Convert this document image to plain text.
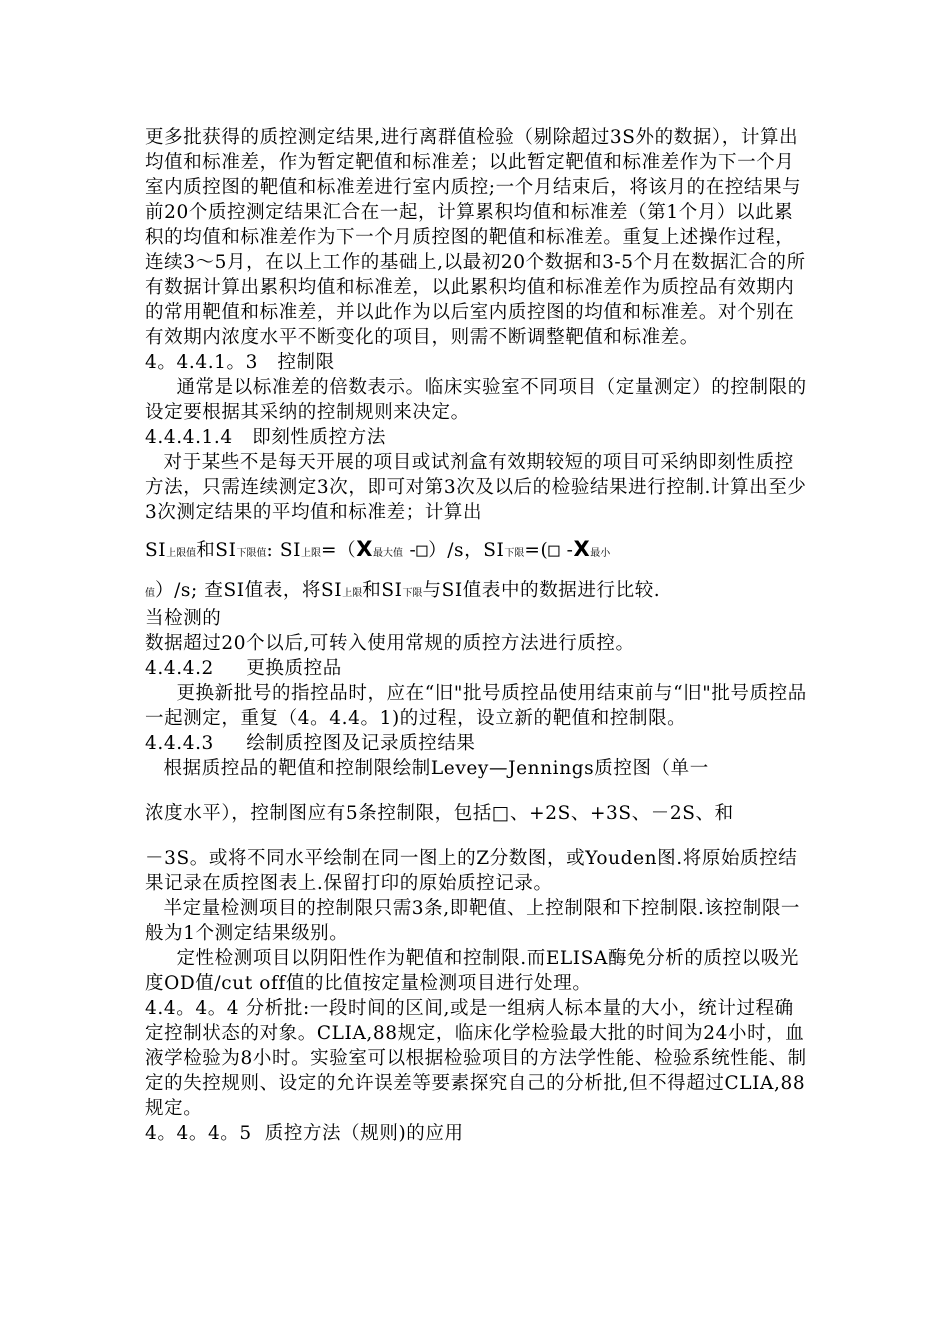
更多批获得的质控测定结果,进行离群值检验（剔除超过3S外的数据），计算出均值和标准差，作为暂定靶值和标准差；以此暂定靶值和标准差作为下一个月室内质控图的靶值和标准差进行室内质控;一个月结束后，将该月的在控结果与前20个质控测定结果汇合在一起，计算累积均值和标准差（第1个月）以此累积的均值和标准差作为下一个月质控图的靶值和标准差。重复上述操作过程，连续3～5月，在以上工作的基础上,以最初20个数据和3-5个月在数据汇合的所有数据计算出累积均值和标准差，以此累积均值和标准差作为质控品有效期内的常用靶值和标准差，并以此作为以后室内质控图的均值和标准差。对个别在有效期内浓度水平不断变化的项目，则需不断调整靶值和标准差。

4。4.4.1。3   控制限

通常是以标准差的倍数表示。临床实验室不同项目（定量测定）的控制限的设定要根据其采纳的控制规则来决定。

4.4.4.1.4   即刻性质控方法

对于某些不是每天开展的项目或试剂盒有效期较短的项目可采纳即刻性质控方法，只需连续测定3次，即可对第3次及以后的检验结果进行控制.计算出至少3次测定结果的平均值和标准差；计算出

SI上限值和SI下限值: SI上限=（X最大值 -□）/s，SI下限=(□ -X最小
值）/s; 查SI值表，将SI上限和SI下限与SI值表中的数据进行比较.

当检测的

数据超过20个以后,可转入使用常规的质控方法进行质控。

4.4.4.2     更换质控品

更换新批号的指控品时，应在“旧"批号质控品使用结束前与“旧"批号质控品一起测定，重复（4。4.4。1)的过程，设立新的靶值和控制限。

4.4.4.3     绘制质控图及记录质控结果

根据质控品的靶值和控制限绘制Levey—Jennings质控图（单一

浓度水平），控制图应有5条控制限，包括□、+2S、+3S、－2S、和

－3S。或将不同水平绘制在同一图上的Z分数图，或Youden图.将原始质控结果记录在质控图表上.保留打印的原始质控记录。

半定量检测项目的控制限只需3条,即靶值、上控制限和下控制限.该控制限一般为1个测定结果级别。

定性检测项目以阴阳性作为靶值和控制限.而ELISA酶免分析的质控以吸光度OD值/cut off值的比值按定量检测项目进行处理。

4.4。4。4 分析批:一段时间的区间,或是一组病人标本量的大小，统计过程确定控制状态的对象。CLIA,88规定，临床化学检验最大批的时间为24小时，血液学检验为8小时。实验室可以根据检验项目的方法学性能、检验系统性能、制定的失控规则、设定的允许误差等要素探究自己的分析批,但不得超过CLIA,88规定。

4。4。4。5  质控方法（规则)的应用
